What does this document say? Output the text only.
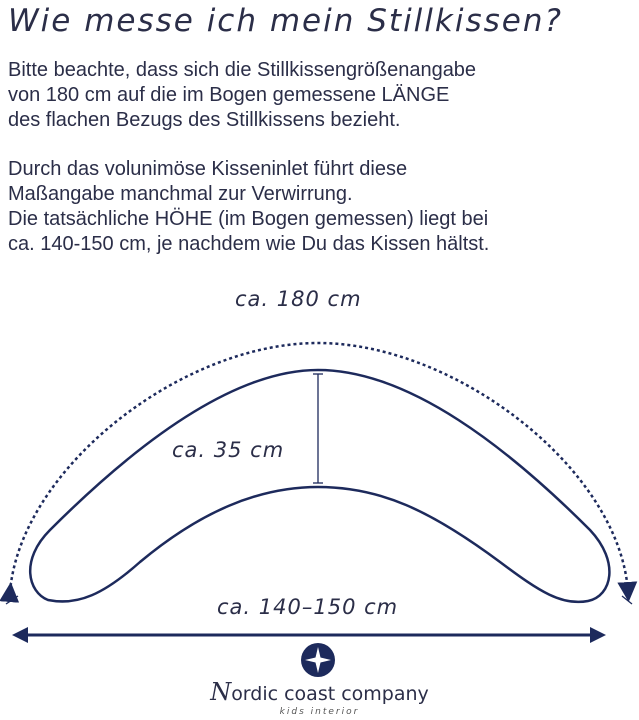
Wie messe ich mein Stillkissen?
Bitte beachte, dass sich die Stillkissengrößenangabe
von 180 cm auf die im Bogen gemessene LÄNGE
des flachen Bezugs des Stillkissens bezieht.
Durch das volunimöse Kisseninlet führt diese
Maßangabe manchmal zur Verwirrung.
Die tatsächliche HÖHE (im Bogen gemessen) liegt bei
ca. 140-150 cm, je nachdem wie Du das Kissen hältst.
ca. 180 cm
ca. 35 cm
ca. 140–150 cm
Nordic coast company
kids interior
